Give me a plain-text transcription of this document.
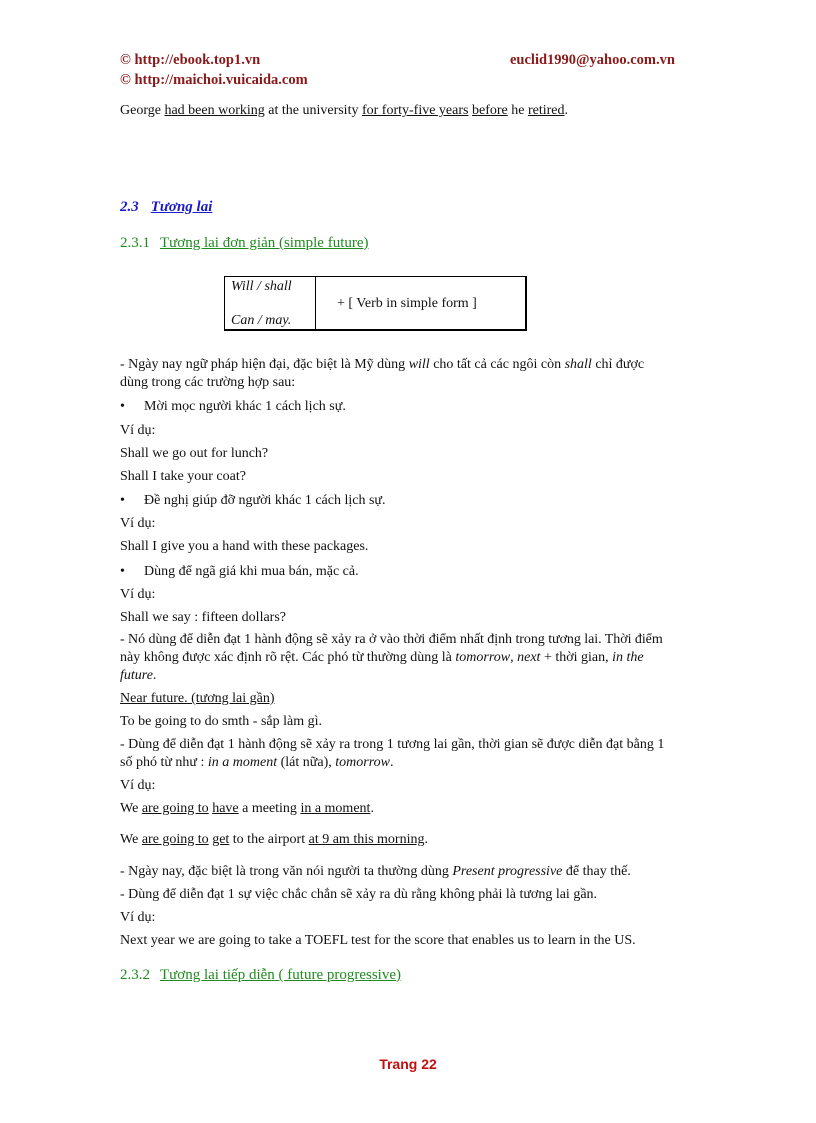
© http://ebook.top1.vn
© http://maichoi.vuicaida.com
euclid1990@yahoo.com.vn
George had been working at the university for forty-five years before he retired.
2.3 Tương lai
2.3.1 Tương lai đơn giản (simple future)
Will / shall
Can / may.
+ [ Verb in simple form ]
- Ngày nay ngữ pháp hiện đại, đặc biệt là Mỹ dùng will cho tất cả các ngôi còn shall chỉ được
dùng trong các trường hợp sau:
• Mời mọc người khác 1 cách lịch sự.
Ví dụ:
Shall we go out for lunch?
Shall I take your coat?
• Đề nghị giúp đỡ người khác 1 cách lịch sự.
Ví dụ:
Shall I give you a hand with these packages.
• Dùng để ngã giá khi mua bán, mặc cả.
Ví dụ:
Shall we say : fifteen dollars?
- Nó dùng để diễn đạt 1 hành động sẽ xảy ra ở vào thời điểm nhất định trong tương lai. Thời điểm
này không được xác định rõ rệt. Các phó từ thường dùng là tomorrow, next + thời gian, in the
future.
Near future. (tương lai gần)
To be going to do smth - sắp làm gì.
- Dùng để diễn đạt 1 hành động sẽ xảy ra trong 1 tương lai gần, thời gian sẽ được diễn đạt bằng 1
số phó từ như : in a moment (lát nữa), tomorrow.
Ví dụ:
We are going to have a meeting in a moment.
We are going to get to the airport at 9 am this morning.
- Ngày nay, đặc biệt là trong văn nói người ta thường dùng Present progressive để thay thế.
- Dùng để diễn đạt 1 sự việc chắc chắn sẽ xảy ra dù rằng không phải là tương lai gần.
Ví dụ:
Next year we are going to take a TOEFL test for the score that enables us to learn in the US.
2.3.2 Tương lai tiếp diễn ( future progressive)
Trang 22
